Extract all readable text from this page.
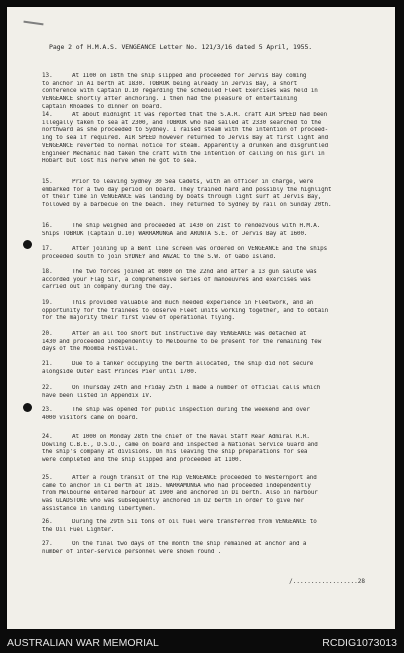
Page 2 of H.M.A.S. VENGEANCE Letter No. 121/3/16 dated 5 April, 1955.
13.	At 1100 on 18th the ship slipped and proceeded for Jervis Bay coming
to anchor in A1 berth at 1830. TOBRUK being already in Jervis Bay, a short
conference with Captain D.10 regarding the scheduled Fleet Exercises was held in
VENGEANCE shortly after anchoring. I then had the pleasure of entertaining
Captain Rhoades to dinner on board.
14.	At about midnight it was reported that the S.A.R. craft AIR SPEED had been
illegally taken to sea at 2300, and TOBRUK who had sailed at 2330 searched to the
northward as she proceeded to Sydney. I raised steam with the intention of proceed-
ing to sea if required. AIR SPEED however returned to Jervis Bay at first light and
VENGEANCE reverted to normal notice for steam. Apparently a drunken and disgruntled
Engineer Mechanic had taken the craft with the intention of calling on his girl in
Hobart but lost his nerve when he got to sea.
15.	Prior to leaving Sydney 30 Sea Cadets, with an officer in charge, were
embarked for a two day period on board. They trained hard and possibly the highlight
of their time in VENGEANCE was landing by boats through light surf at Jervis Bay,
followed by a barbecue on the beach. They returned to Sydney by rail on Sunday 20th.
16.	The ship weighed and proceeded at 1430 on 21st to rendezvous with H.M.A.
Ships TOBRUK (Captain D.10) WARRAMUNGA and ARUNTA S.E. of Jervis Bay at 1600.
17.	After joining up a Bent line screen was ordered on VENGEANCE and the ships
proceeded south to join SYDNEY and ANZAC to the S.W. of Gabo Island.
18.	The two forces joined at 0800 on the 22nd and after a 13 gun salute was
accorded your Flag Sir, a comprehensive series of manoeuvres and exercises was
carried out in company during the day.
19.	This provided valuable and much needed experience in Fleetwork, and an
opportunity for the trainees to observe Fleet units working together, and to obtain
for the majority their first view of operational flying.
20.	After an all too short but instructive day VENGEANCE was detached at
1430 and proceeded independently to Melbourne to be present for the remaining few
days of the Moomba Festival.
21.	Due to a tanker occupying the berth allocated, the ship did not secure
alongside Outer East Princes Pier until 1700.
22.	On Thursday 24th and Friday 25th I made a number of official calls which
have been listed in Appendix IV.
23.	The ship was opened for public inspection during the weekend and over
4000 visitors came on board.
24.	At 1000 on Monday 28th the chief of the Naval Staff Rear Admiral R.R.
Dowling C.B.E., D.S.O., came on board and inspected a National Service Guard and
the ship's company at divisions. On his leaving the ship preparations for sea
were completed and the ship slipped and proceeded at 1100.
25.	After a rough transit of the Rip VENGEANCE proceeded to Westernport and
came to anchor in C1 berth at 1815. WARRAMUNGA who had proceeded independently
from Melbourne entered harbour at 1900 and anchored in D1 berth. Also in harbour
was GLADSTONE who was subsequently anchored in D2 berth in order to give her
assistance in landing libertymen.
26.	During the 29th 511 tons of oil fuel were transferred from VENGEANCE to
the Oil Fuel Lighter.
27.	On the final two days of the month the ship remained at anchor and a
number of inter-service personnel were shown round .
/..................28
AUSTRALIAN WAR MEMORIAL	RCDIG1073013
